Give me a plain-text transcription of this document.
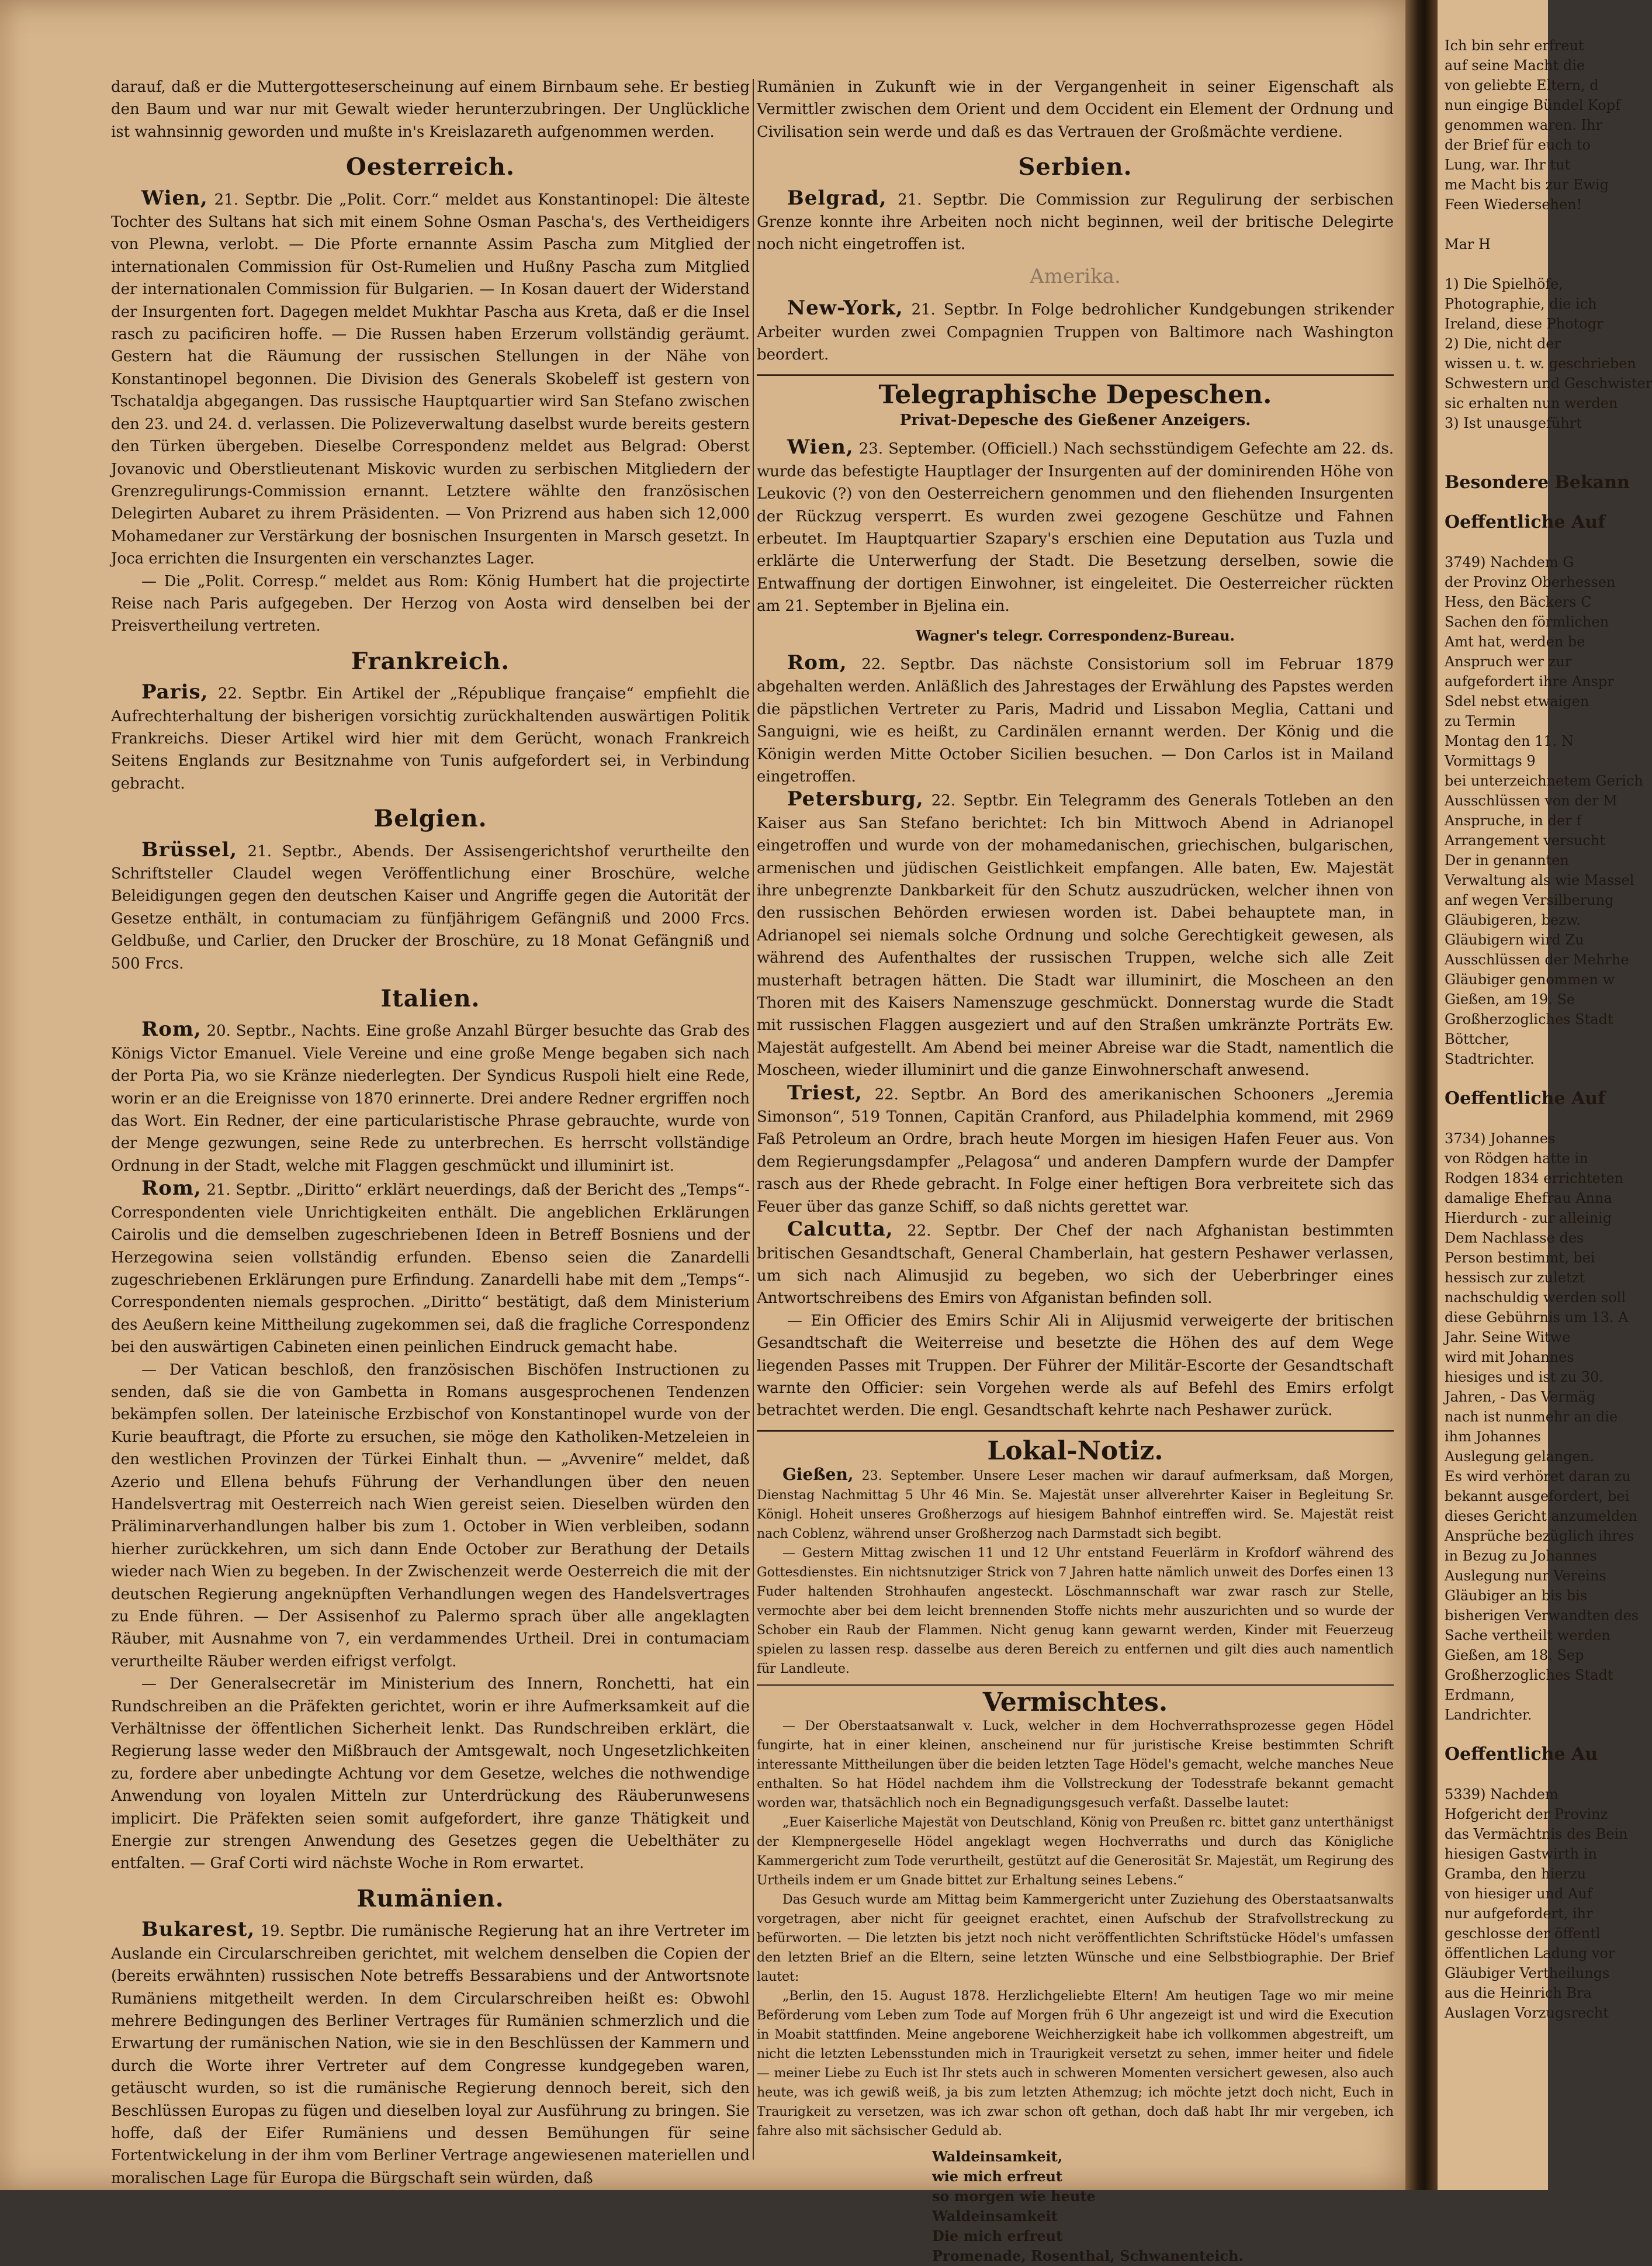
darauf, daß er die Muttergotteserscheinung auf einem Birnbaum sehe. Er bestieg den Baum und war nur mit Gewalt wieder herunterzubringen. Der Unglückliche ist wahnsinnig geworden und mußte in's Kreislazareth aufgenommen werden.

Oesterreich.

Wien, 21. Septbr. Die „Polit. Corr.“ meldet aus Konstantinopel: Die älteste Tochter des Sultans hat sich mit einem Sohne Osman Pascha's, des Vertheidigers von Plewna, verlobt. — Die Pforte ernannte Assim Pascha zum Mitglied der internationalen Commission für Ost-Rumelien und Hußny Pascha zum Mitglied der internationalen Commission für Bulgarien. — In Kosan dauert der Widerstand der Insurgenten fort. Dagegen meldet Mukhtar Pascha aus Kreta, daß er die Insel rasch zu pacificiren hoffe. — Die Russen haben Erzerum vollständig geräumt. Gestern hat die Räumung der russischen Stellungen in der Nähe von Konstantinopel begonnen. Die Division des Generals Skobeleff ist gestern von Tschataldja abgegangen. Das russische Hauptquartier wird San Stefano zwischen den 23. und 24. d. verlassen. Die Polizeverwaltung daselbst wurde bereits gestern den Türken übergeben. Dieselbe Correspondenz meldet aus Belgrad: Oberst Jovanovic und Oberstlieutenant Miskovic wurden zu serbischen Mitgliedern der Grenzregulirungs-Commission ernannt. Letztere wählte den französischen Delegirten Aubaret zu ihrem Präsidenten. — Von Prizrend aus haben sich 12,000 Mohamedaner zur Verstärkung der bosnischen Insurgenten in Marsch gesetzt. In Joca errichten die Insurgenten ein verschanztes Lager.

— Die „Polit. Corresp.“ meldet aus Rom: König Humbert hat die projectirte Reise nach Paris aufgegeben. Der Herzog von Aosta wird denselben bei der Preisvertheilung vertreten.

Frankreich.

Paris, 22. Septbr. Ein Artikel der „République française“ empfiehlt die Aufrechterhaltung der bisherigen vorsichtig zurückhaltenden auswärtigen Politik Frankreichs. Dieser Artikel wird hier mit dem Gerücht, wonach Frankreich Seitens Englands zur Besitznahme von Tunis aufgefordert sei, in Verbindung gebracht.

Belgien.

Brüssel, 21. Septbr., Abends. Der Assisengerichtshof verurtheilte den Schriftsteller Claudel wegen Veröffentlichung einer Broschüre, welche Beleidigungen gegen den deutschen Kaiser und Angriffe gegen die Autorität der Gesetze enthält, in contumaciam zu fünfjährigem Gefängniß und 2000 Frcs. Geldbuße, und Carlier, den Drucker der Broschüre, zu 18 Monat Gefängniß und 500 Frcs.

Italien.

Rom, 20. Septbr., Nachts. Eine große Anzahl Bürger besuchte das Grab des Königs Victor Emanuel. Viele Vereine und eine große Menge begaben sich nach der Porta Pia, wo sie Kränze niederlegten. Der Syndicus Ruspoli hielt eine Rede, worin er an die Ereignisse von 1870 erinnerte. Drei andere Redner ergriffen noch das Wort. Ein Redner, der eine particularistische Phrase gebrauchte, wurde von der Menge gezwungen, seine Rede zu unterbrechen. Es herrscht vollständige Ordnung in der Stadt, welche mit Flaggen geschmückt und illuminirt ist.

Rom, 21. Septbr. „Diritto“ erklärt neuerdings, daß der Bericht des „Temps“-Correspondenten viele Unrichtigkeiten enthält. Die angeblichen Erklärungen Cairolis und die demselben zugeschriebenen Ideen in Betreff Bosniens und der Herzegowina seien vollständig erfunden. Ebenso seien die Zanardelli zugeschriebenen Erklärungen pure Erfindung. Zanardelli habe mit dem „Temps“-Correspondenten niemals gesprochen. „Diritto“ bestätigt, daß dem Ministerium des Aeußern keine Mittheilung zugekommen sei, daß die fragliche Correspondenz bei den auswärtigen Cabineten einen peinlichen Eindruck gemacht habe.

— Der Vatican beschloß, den französischen Bischöfen Instructionen zu senden, daß sie die von Gambetta in Romans ausgesprochenen Tendenzen bekämpfen sollen. Der lateinische Erzbischof von Konstantinopel wurde von der Kurie beauftragt, die Pforte zu ersuchen, sie möge den Katholiken-Metzeleien in den westlichen Provinzen der Türkei Einhalt thun. — „Avvenire“ meldet, daß Azerio und Ellena behufs Führung der Verhandlungen über den neuen Handelsvertrag mit Oesterreich nach Wien gereist seien. Dieselben würden den Präliminarverhandlungen halber bis zum 1. October in Wien verbleiben, sodann hierher zurückkehren, um sich dann Ende October zur Berathung der Details wieder nach Wien zu begeben. In der Zwischenzeit werde Oesterreich die mit der deutschen Regierung angeknüpften Verhandlungen wegen des Handelsvertrages zu Ende führen. — Der Assisenhof zu Palermo sprach über alle angeklagten Räuber, mit Ausnahme von 7, ein verdammendes Urtheil. Drei in contumaciam verurtheilte Räuber werden eifrigst verfolgt.

— Der Generalsecretär im Ministerium des Innern, Ronchetti, hat ein Rundschreiben an die Präfekten gerichtet, worin er ihre Aufmerksamkeit auf die Verhältnisse der öffentlichen Sicherheit lenkt. Das Rundschreiben erklärt, die Regierung lasse weder den Mißbrauch der Amtsgewalt, noch Ungesetzlichkeiten zu, fordere aber unbedingte Achtung vor dem Gesetze, welches die nothwendige Anwendung von loyalen Mitteln zur Unterdrückung des Räuberunwesens implicirt. Die Präfekten seien somit aufgefordert, ihre ganze Thätigkeit und Energie zur strengen Anwendung des Gesetzes gegen die Uebelthäter zu entfalten. — Graf Corti wird nächste Woche in Rom erwartet.

Rumänien.

Bukarest, 19. Septbr. Die rumänische Regierung hat an ihre Vertreter im Auslande ein Circularschreiben gerichtet, mit welchem denselben die Copien der (bereits erwähnten) russischen Note betreffs Bessarabiens und der Antwortsnote Rumäniens mitgetheilt werden. In dem Circularschreiben heißt es: Obwohl mehrere Bedingungen des Berliner Vertrages für Rumänien schmerzlich und die Erwartung der rumänischen Nation, wie sie in den Beschlüssen der Kammern und durch die Worte ihrer Vertreter auf dem Congresse kundgegeben waren, getäuscht wurden, so ist die rumänische Regierung dennoch bereit, sich den Beschlüssen Europas zu fügen und dieselben loyal zur Ausführung zu bringen. Sie hoffe, daß der Eifer Rumäniens und dessen Bemühungen für seine Fortentwickelung in der ihm vom Berliner Vertrage angewiesenen materiellen und moralischen Lage für Europa die Bürgschaft sein würden, daß

Rumänien in Zukunft wie in der Vergangenheit in seiner Eigenschaft als Vermittler zwischen dem Orient und dem Occident ein Element der Ordnung und Civilisation sein werde und daß es das Vertrauen der Großmächte verdiene.

Serbien.

Belgrad, 21. Septbr. Die Commission zur Regulirung der serbischen Grenze konnte ihre Arbeiten noch nicht beginnen, weil der britische Delegirte noch nicht eingetroffen ist.

Amerika.

New-York, 21. Septbr. In Folge bedrohlicher Kundgebungen strikender Arbeiter wurden zwei Compagnien Truppen von Baltimore nach Washington beordert.

Telegraphische Depeschen.
Privat-Depesche des Gießener Anzeigers.

Wien, 23. September. (Officiell.) Nach sechsstündigem Gefechte am 22. ds. wurde das befestigte Hauptlager der Insurgenten auf der dominirenden Höhe von Leukovic (?) von den Oesterreichern genommen und den fliehenden Insurgenten der Rückzug versperrt. Es wurden zwei gezogene Geschütze und Fahnen erbeutet. Im Hauptquartier Szapary's erschien eine Deputation aus Tuzla und erklärte die Unterwerfung der Stadt. Die Besetzung derselben, sowie die Entwaffnung der dortigen Einwohner, ist eingeleitet. Die Oesterreicher rückten am 21. September in Bjelina ein.

Wagner's telegr. Correspondenz-Bureau.

Rom, 22. Septbr. Das nächste Consistorium soll im Februar 1879 abgehalten werden. Anläßlich des Jahrestages der Erwählung des Papstes werden die päpstlichen Vertreter zu Paris, Madrid und Lissabon Meglia, Cattani und Sanguigni, wie es heißt, zu Cardinälen ernannt werden. Der König und die Königin werden Mitte October Sicilien besuchen. — Don Carlos ist in Mailand eingetroffen.

Petersburg, 22. Septbr. Ein Telegramm des Generals Totleben an den Kaiser aus San Stefano berichtet: Ich bin Mittwoch Abend in Adrianopel eingetroffen und wurde von der mohamedanischen, griechischen, bulgarischen, armenischen und jüdischen Geistlichkeit empfangen. Alle baten, Ew. Majestät ihre unbegrenzte Dankbarkeit für den Schutz auszudrücken, welcher ihnen von den russischen Behörden erwiesen worden ist. Dabei behauptete man, in Adrianopel sei niemals solche Ordnung und solche Gerechtigkeit gewesen, als während des Aufenthaltes der russischen Truppen, welche sich alle Zeit musterhaft betragen hätten. Die Stadt war illuminirt, die Moscheen an den Thoren mit des Kaisers Namenszuge geschmückt. Donnerstag wurde die Stadt mit russischen Flaggen ausgeziert und auf den Straßen umkränzte Porträts Ew. Majestät aufgestellt. Am Abend bei meiner Abreise war die Stadt, namentlich die Moscheen, wieder illuminirt und die ganze Einwohnerschaft anwesend.

Triest, 22. Septbr. An Bord des amerikanischen Schooners „Jeremia Simonson“, 519 Tonnen, Capitän Cranford, aus Philadelphia kommend, mit 2969 Faß Petroleum an Ordre, brach heute Morgen im hiesigen Hafen Feuer aus. Von dem Regierungsdampfer „Pelagosa“ und anderen Dampfern wurde der Dampfer rasch aus der Rhede gebracht. In Folge einer heftigen Bora verbreitete sich das Feuer über das ganze Schiff, so daß nichts gerettet war.

Calcutta, 22. Septbr. Der Chef der nach Afghanistan bestimmten britischen Gesandtschaft, General Chamberlain, hat gestern Peshawer verlassen, um sich nach Alimusjid zu begeben, wo sich der Ueberbringer eines Antwortschreibens des Emirs von Afganistan befinden soll.

— Ein Officier des Emirs Schir Ali in Alijusmid verweigerte der britischen Gesandtschaft die Weiterreise und besetzte die Höhen des auf dem Wege liegenden Passes mit Truppen. Der Führer der Militär-Escorte der Gesandtschaft warnte den Officier: sein Vorgehen werde als auf Befehl des Emirs erfolgt betrachtet werden. Die engl. Gesandtschaft kehrte nach Peshawer zurück.

Lokal-Notiz.

Gießen, 23. September. Unsere Leser machen wir darauf aufmerksam, daß Morgen, Dienstag Nachmittag 5 Uhr 46 Min. Se. Majestät unser allverehrter Kaiser in Begleitung Sr. Königl. Hoheit unseres Großherzogs auf hiesigem Bahnhof eintreffen wird. Se. Majestät reist nach Coblenz, während unser Großherzog nach Darmstadt sich begibt.

— Gestern Mittag zwischen 11 und 12 Uhr entstand Feuerlärm in Krofdorf während des Gottesdienstes. Ein nichtsnutziger Strick von 7 Jahren hatte nämlich unweit des Dorfes einen 13 Fuder haltenden Strohhaufen angesteckt. Löschmannschaft war zwar rasch zur Stelle, vermochte aber bei dem leicht brennenden Stoffe nichts mehr auszurichten und so wurde der Schober ein Raub der Flammen. Nicht genug kann gewarnt werden, Kinder mit Feuerzeug spielen zu lassen resp. dasselbe aus deren Bereich zu entfernen und gilt dies auch namentlich für Landleute.

Vermischtes.

— Der Oberstaatsanwalt v. Luck, welcher in dem Hochverrathsprozesse gegen Hödel fungirte, hat in einer kleinen, anscheinend nur für juristische Kreise bestimmten Schrift interessante Mittheilungen über die beiden letzten Tage Hödel's gemacht, welche manches Neue enthalten. So hat Hödel nachdem ihm die Vollstreckung der Todesstrafe bekannt gemacht worden war, thatsächlich noch ein Begnadigungsgesuch verfaßt. Dasselbe lautet:

„Euer Kaiserliche Majestät von Deutschland, König von Preußen rc. bittet ganz unterthänigst der Klempnergeselle Hödel angeklagt wegen Hochverraths und durch das Königliche Kammergericht zum Tode verurtheilt, gestützt auf die Generosität Sr. Majestät, um Regirung des Urtheils indem er um Gnade bittet zur Erhaltung seines Lebens.“

Das Gesuch wurde am Mittag beim Kammergericht unter Zuziehung des Oberstaatsanwalts vorgetragen, aber nicht für geeignet erachtet, einen Aufschub der Strafvollstreckung zu befürworten. — Die letzten bis jetzt noch nicht veröffentlichten Schriftstücke Hödel's umfassen den letzten Brief an die Eltern, seine letzten Wünsche und eine Selbstbiographie. Der Brief lautet:

„Berlin, den 15. August 1878. Herzlichgeliebte Eltern! Am heutigen Tage wo mir meine Beförderung vom Leben zum Tode auf Morgen früh 6 Uhr angezeigt ist und wird die Execution in Moabit stattfinden. Meine angeborene Weichherzigkeit habe ich vollkommen abgestreift, um nicht die letzten Lebensstunden mich in Traurigkeit versetzt zu sehen, immer heiter und fidele — meiner Liebe zu Euch ist Ihr stets auch in schweren Momenten versichert gewesen, also auch heute, was ich gewiß weiß, ja bis zum letzten Athemzug; ich möchte jetzt doch nicht, Euch in Traurigkeit zu versetzen, was ich zwar schon oft gethan, doch daß habt Ihr mir vergeben, ich fahre also mit sächsischer Geduld ab.

Waldeinsamkeit,
wie mich erfreut
so morgen wie heute
Waldeinsamkeit
Die mich erfreut
Promenade, Rosenthal, Schwanenteich.
Ich bin sehr erfreut
auf seine Macht die
von geliebte Eltern, d
nun eingige Bündel Kopf
genommen waren. Ihr
der Brief für euch to
Lung, war. Ihr tut
me Macht bis zur Ewig
Feen Wiedersehen!
Mar H
1) Die Spielhöfe,
Photographie, die ich
Ireland, diese Photogr
2) Die, nicht der
wissen u. t. w. geschrieben
Schwestern und Geschwister
sic erhalten nun werden
3) Ist unausgeführt
Besondere Bekann
Oeffentliche Auf
3749) Nachdem G
der Provinz Oberhessen
Hess, den Bäckers C
Sachen den förmlichen
Amt hat, werden be
Anspruch wer zur
aufgefordert ihre Anspr
Sdel nebst etwaigen
zu Termin
Montag den 11. N
Vormittags 9
bei unterzeichnetem Gerich
Ausschlüssen von der M
Anspruche, in der f
Arrangement versucht
Der in genannten
Verwaltung als wie Massel
anf wegen Versilberung
Gläubigeren, bezw.
Gläubigern wird Zu
Ausschlüssen der Mehrhe
Gläubiger genommen w
Gießen, am 19. Se
Großherzogliches Stadt
Böttcher,
Stadtrichter.
Oeffentliche Auf
3734) Johannes
von Rödgen hatte in
Rodgen 1834 errichteten
damalige Ehefrau Anna
Hierdurch - zur alleinig
Dem Nachlasse des
Person bestimmt, bei
hessisch zur zuletzt
nachschuldig werden soll
diese Gebührnis um 13. A
Jahr. Seine Witwe
wird mit Johannes
hiesiges und ist zu 30.
Jahren, - Das Vermäg
nach ist nunmehr an die
ihm Johannes
Auslegung gelangen.
Es wird verhöret daran zu
bekannt ausgefordert, bei
dieses Gericht anzumelden
Ansprüche bezüglich ihres
in Bezug zu Johannes
Auslegung nur Vereins
Gläubiger an bis bis
bisherigen Verwandten des
Sache vertheilt werden
Gießen, am 18. Sep
Großherzogliches Stadt
Erdmann,
Landrichter.
Oeffentliche Au
5339) Nachdem
Hofgericht der Provinz
das Vermächtnis des Bein
hiesigen Gastwirth in
Gramba, den hierzu
von hiesiger und Auf
nur aufgefordert, ihr
geschlosse der öffentl
öffentlichen Ladung vor
Gläubiger Vertheilungs
aus die Heinrich Bra
Auslagen Vorzugsrecht
